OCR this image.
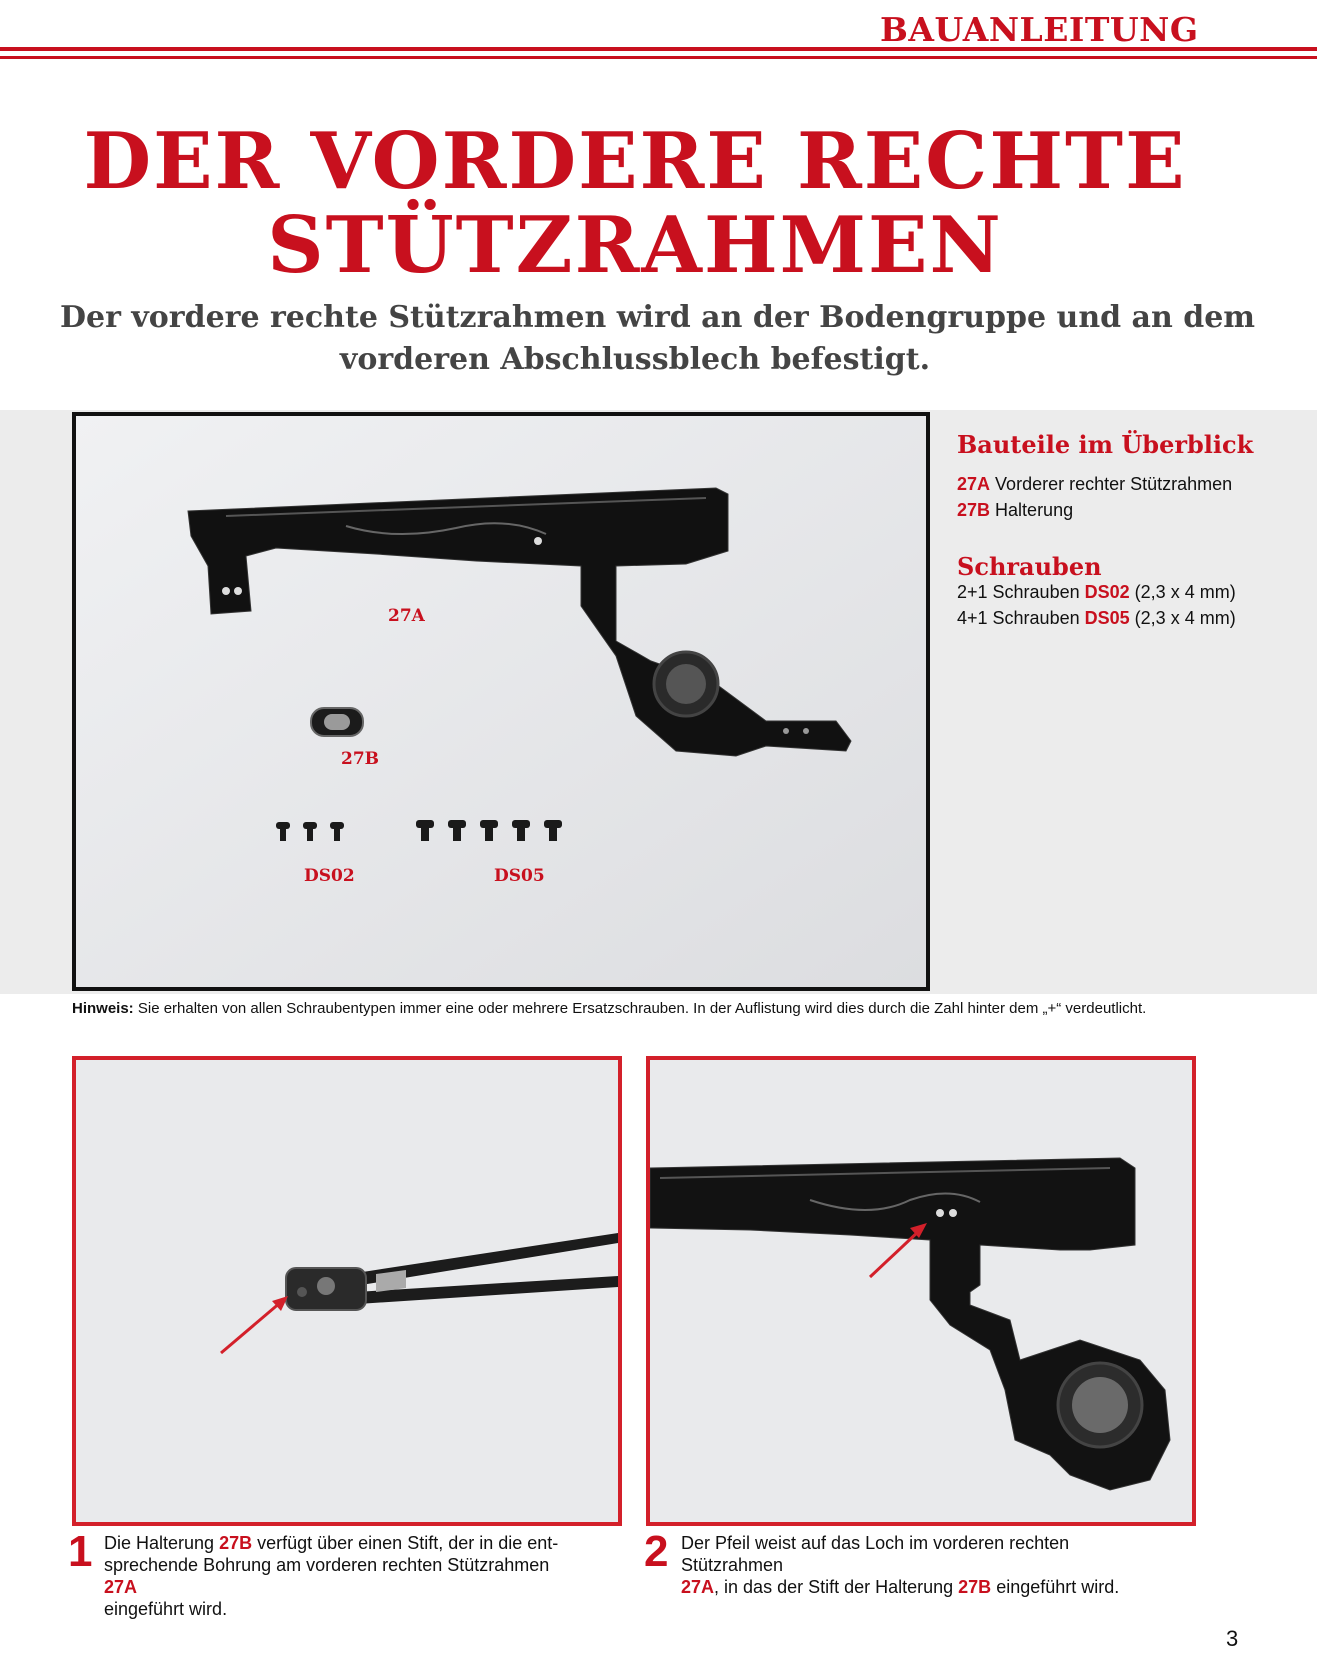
BAUANLEITUNG
DER VORDERE RECHTE
STÜTZRAHMEN
Der vordere rechte Stützrahmen wird an der Bodengruppe und an dem
vorderen Abschlussblech befestigt.
27A
27B
DS02	DS05
Bauteile im Überblick
27A Vorderer rechter Stützrahmen
27B Halterung
Schrauben
2+1 Schrauben DS02 (2,3 x 4 mm)
4+1 Schrauben DS05 (2,3 x 4 mm)
Hinweis: Sie erhalten von allen Schraubentypen immer eine oder mehrere Ersatzschrauben. In der Auflistung wird dies durch die Zahl hinter dem „+“ verdeutlicht.
1 Die Halterung 27B verfügt über einen Stift, der in die ent-
sprechende Bohrung am vorderen rechten Stützrahmen 27A
eingeführt wird.
2 Der Pfeil weist auf das Loch im vorderen rechten Stützrahmen
27A, in das der Stift der Halterung 27B eingeführt wird.
3
